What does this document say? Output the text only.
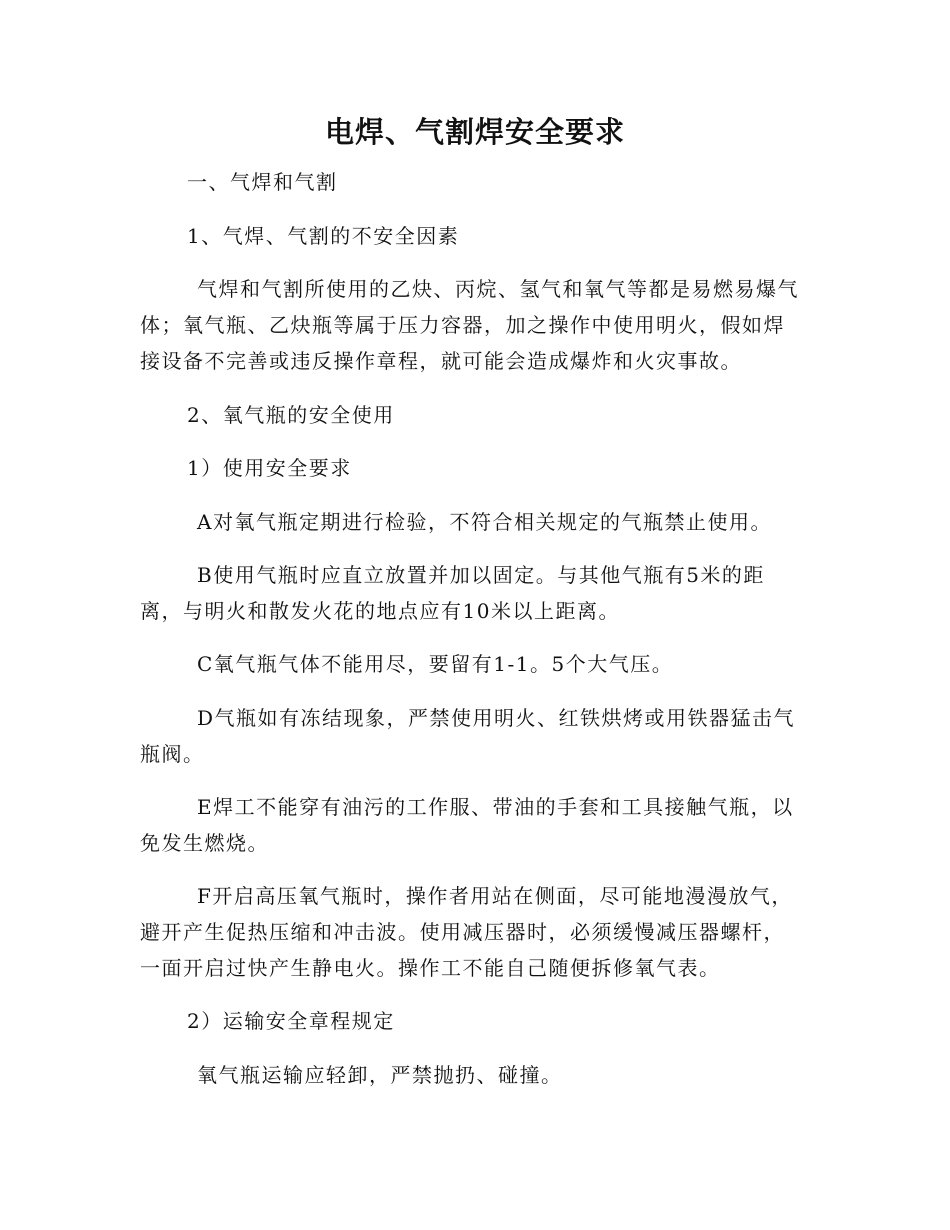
电焊、气割焊安全要求

一、气焊和气割

1、气焊、气割的不安全因素

气焊和气割所使用的乙炔、丙烷、氢气和氧气等都是易燃易爆气

体；氧气瓶、乙炔瓶等属于压力容器，加之操作中使用明火，假如焊

接设备不完善或违反操作章程，就可能会造成爆炸和火灾事故。

2、氧气瓶的安全使用

1）使用安全要求

A对氧气瓶定期进行检验，不符合相关规定的气瓶禁止使用。

B使用气瓶时应直立放置并加以固定。与其他气瓶有5米的距

离，与明火和散发火花的地点应有10米以上距离。

C氧气瓶气体不能用尽，要留有1-1。5个大气压。

D气瓶如有冻结现象，严禁使用明火、红铁烘烤或用铁器猛击气

瓶阀。

E焊工不能穿有油污的工作服、带油的手套和工具接触气瓶，以

免发生燃烧。

F开启高压氧气瓶时，操作者用站在侧面，尽可能地漫漫放气，

避开产生促热压缩和冲击波。使用减压器时，必须缓慢减压器螺杆，

一面开启过快产生静电火。操作工不能自己随便拆修氧气表。

2）运输安全章程规定

氧气瓶运输应轻卸，严禁抛扔、碰撞。
